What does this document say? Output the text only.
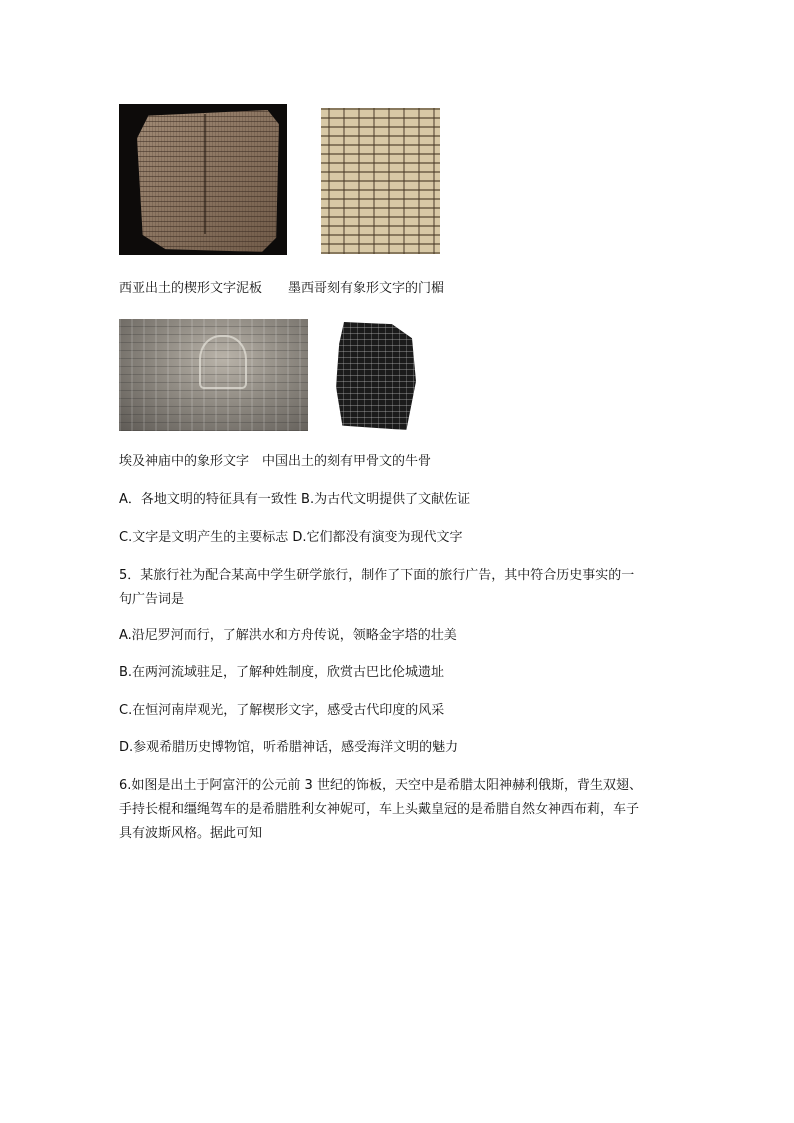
西亚出土的楔形文字泥板　　墨西哥刻有象形文字的门楣
埃及神庙中的象形文字　中国出土的刻有甲骨文的牛骨
A．各地文明的特征具有一致性 B.为古代文明提供了文献佐证
C.文字是文明产生的主要标志 D.它们都没有演变为现代文字
5．某旅行社为配合某高中学生研学旅行，制作了下面的旅行广告，其中符合历史事实的一
句广告词是
A.沿尼罗河而行，了解洪水和方舟传说，领略金字塔的壮美
B.在两河流域驻足，了解种姓制度，欣赏古巴比伦城遗址
C.在恒河南岸观光，了解楔形文字，感受古代印度的风采
D.参观希腊历史博物馆，听希腊神话，感受海洋文明的魅力
6.如图是出土于阿富汗的公元前 3 世纪的饰板，天空中是希腊太阳神赫利俄斯，背生双翅、
手持长棍和缰绳驾车的是希腊胜利女神妮可，车上头戴皇冠的是希腊自然女神西布莉，车子
具有波斯风格。据此可知
